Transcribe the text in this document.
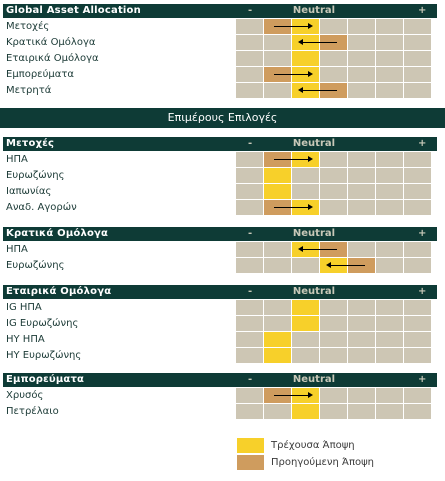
Global Asset Allocation	-	Neutral	+
Μετοχές
Κρατικά Ομόλογα
Εταιρικά Ομόλογα
Εμπορεύματα
Μετρητά
Μετοχές	-	Neutral	+
ΗΠΑ
Ευρωζώνης
Ιαπωνίας
Αναδ. Αγορών
Κρατικά Ομόλογα	-	Neutral	+
ΗΠΑ
Ευρωζώνης
Εταιρικά Ομόλογα	-	Neutral	+
IG ΗΠΑ
IG Ευρωζώνης
HY ΗΠΑ
HY Ευρωζώνης
Εμπορεύματα	-	Neutral	+
Χρυσός
Πετρέλαιο
Επιμέρους Επιλογές
Τρέχουσα Άποψη
Προηγούμενη Άποψη
